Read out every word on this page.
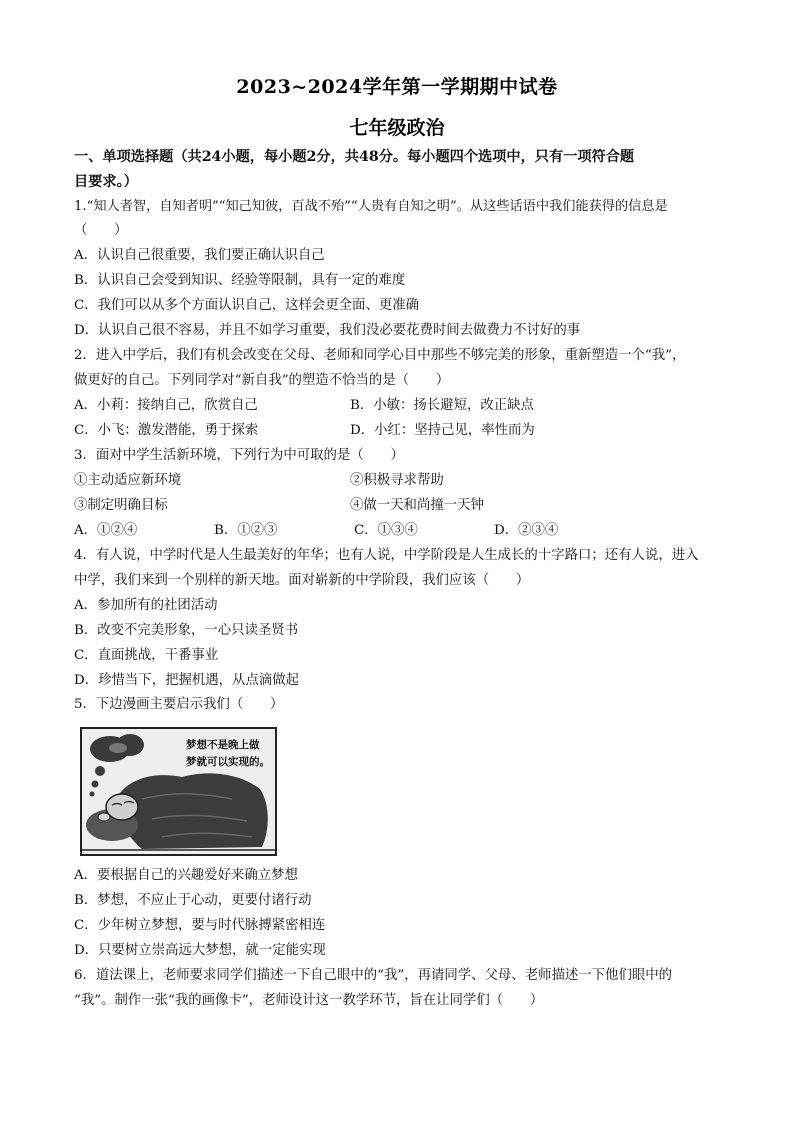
2023~2024学年第一学期期中试卷
七年级政治
一、单项选择题（共24小题，每小题2分，共48分。每小题四个选项中，只有一项符合题
目要求。）
1.“知人者智，自知者明”“知己知彼，百战不殆”“人贵有自知之明”。从这些话语中我们能获得的信息是
（　　）
A．认识自己很重要，我们要正确认识自己
B．认识自己会受到知识、经验等限制，具有一定的难度
C．我们可以从多个方面认识自己，这样会更全面、更准确
D．认识自己很不容易，并且不如学习重要，我们没必要花费时间去做费力不讨好的事
2．进入中学后，我们有机会改变在父母、老师和同学心目中那些不够完美的形象，重新塑造一个“我”，
做更好的自己。下列同学对“新自我”的塑造不恰当的是（　　）
A．小莉：接纳自己，欣赏自己	B．小敏：扬长避短，改正缺点
C．小飞：激发潜能，勇于探索	D．小红：坚持己见，率性而为
3．面对中学生活新环境，下列行为中可取的是（　　）
①主动适应新环境	②积极寻求帮助
③制定明确目标	④做一天和尚撞一天钟
A．①②④	B．①②③	C．①③④	D．②③④
4．有人说，中学时代是人生最美好的年华；也有人说，中学阶段是人生成长的十字路口；还有人说，进入
中学，我们来到一个别样的新天地。面对崭新的中学阶段，我们应该（　　）
A．参加所有的社团活动
B．改变不完美形象，一心只读圣贤书
C．直面挑战，干番事业
D．珍惜当下，把握机遇，从点滴做起
5．下边漫画主要启示我们（　　）
梦想不是晚上做
梦就可以实现的。
A．要根据自己的兴趣爱好来确立梦想
B．梦想，不应止于心动，更要付诸行动
C．少年树立梦想，要与时代脉搏紧密相连
D．只要树立崇高远大梦想，就一定能实现
6．道法课上，老师要求同学们描述一下自己眼中的“我”，再请同学、父母、老师描述一下他们眼中的
“我”。制作一张“我的画像卡”，老师设计这一教学环节，旨在让同学们（　　）
